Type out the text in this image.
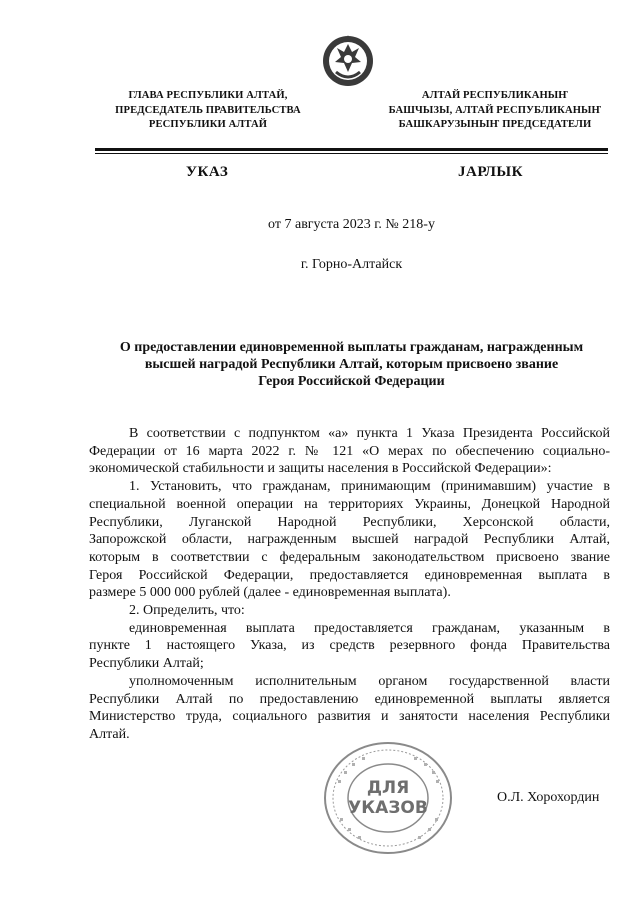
ГЛАВА РЕСПУБЛИКИ АЛТАЙ,
ПРЕДСЕДАТЕЛЬ ПРАВИТЕЛЬСТВА
РЕСПУБЛИКИ АЛТАЙ
АЛТАЙ РЕСПУБЛИКАНЫҤ
БАШЧЫЗЫ, АЛТАЙ РЕСПУБЛИКАНЫҤ
БАШКАРУЗЫНЫҤ ПРЕДСЕДАТЕЛИ
УКАЗ	JАРЛЫК
от 7 августа 2023 г. № 218-у
г. Горно-Алтайск
О предоставлении единовременной выплаты гражданам, награжденным
высшей наградой Республики Алтай, которым присвоено звание
Героя Российской Федерации

В соответствии с подпунктом «а» пункта 1 Указа Президента Российской

Федерации от 16 марта 2022 г. № 121 «О мерах по обеспечению социально-

экономической стабильности и защиты населения в Российской Федерации»:

1. Установить, что гражданам, принимающим (принимавшим) участие в

специальной военной операции на территориях Украины, Донецкой Народной

Республики, Луганской Народной Республики, Херсонской области,

Запорожской области, награжденным высшей наградой Республики Алтай,

которым в соответствии с федеральным законодательством присвоено звание

Героя Российской Федерации, предоставляется единовременная выплата в

размере 5 000 000 рублей (далее - единовременная выплата).

2. Определить, что:

единовременная выплата предоставляется гражданам, указанным в

пункте 1 настоящего Указа, из средств резервного фонда Правительства

Республики Алтай;

уполномоченным исполнительным органом государственной власти

Республики Алтай по предоставлению единовременной выплаты является

Министерство труда, социального развития и занятости населения Республики

Алтай.

ДЛЯ
УКАЗОВ
О.Л. Хорохордин
